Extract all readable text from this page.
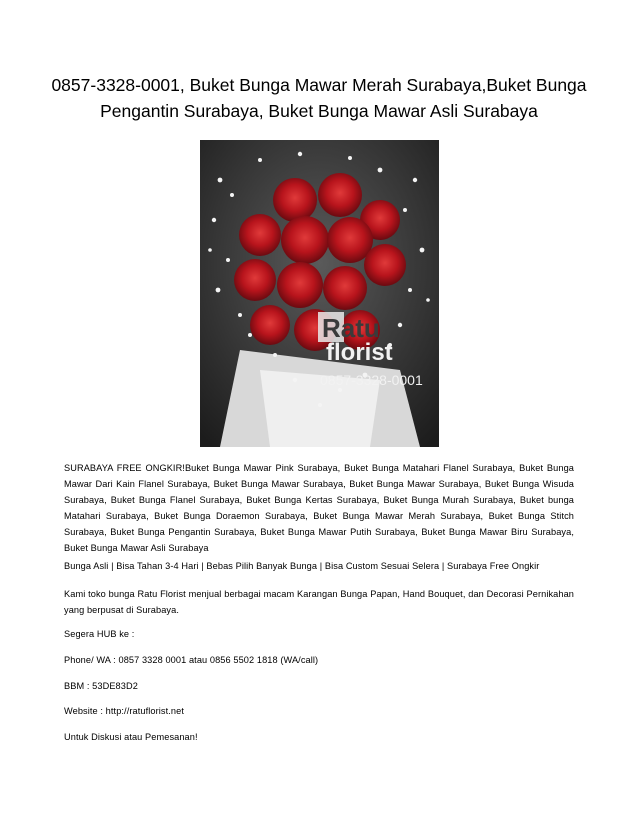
0857-3328-0001, Buket Bunga Mawar Merah Surabaya,Buket Bunga Pengantin Surabaya, Buket Bunga Mawar Asli Surabaya
Ratu
florist
0857-3328-0001

SURABAYA FREE ONGKIR!Buket Bunga Mawar Pink Surabaya, Buket Bunga Matahari Flanel Surabaya, Buket Bunga Mawar Dari Kain Flanel Surabaya, Buket Bunga Mawar Surabaya, Buket Bunga Mawar Surabaya, Buket Bunga Wisuda Surabaya, Buket Bunga Flanel Surabaya, Buket Bunga Kertas Surabaya, Buket Bunga Murah Surabaya, Buket bunga Matahari Surabaya, Buket Bunga Doraemon Surabaya, Buket Bunga Mawar Merah Surabaya, Buket Bunga Stitch Surabaya, Buket Bunga Pengantin Surabaya, Buket Bunga Mawar Putih Surabaya, Buket Bunga Mawar Biru Surabaya, Buket Bunga Mawar Asli Surabaya

Bunga Asli | Bisa Tahan 3-4 Hari | Bebas Pilih Banyak Bunga | Bisa Custom Sesuai Selera | Surabaya Free Ongkir

Kami toko bunga Ratu Florist menjual berbagai macam Karangan Bunga Papan, Hand Bouquet, dan Decorasi Pernikahan yang berpusat di Surabaya.

Segera HUB ke :

Phone/ WA : 0857 3328 0001 atau 0856 5502 1818 (WA/call)

BBM : 53DE83D2

Website : http://ratuflorist.net

Untuk Diskusi atau Pemesanan!
